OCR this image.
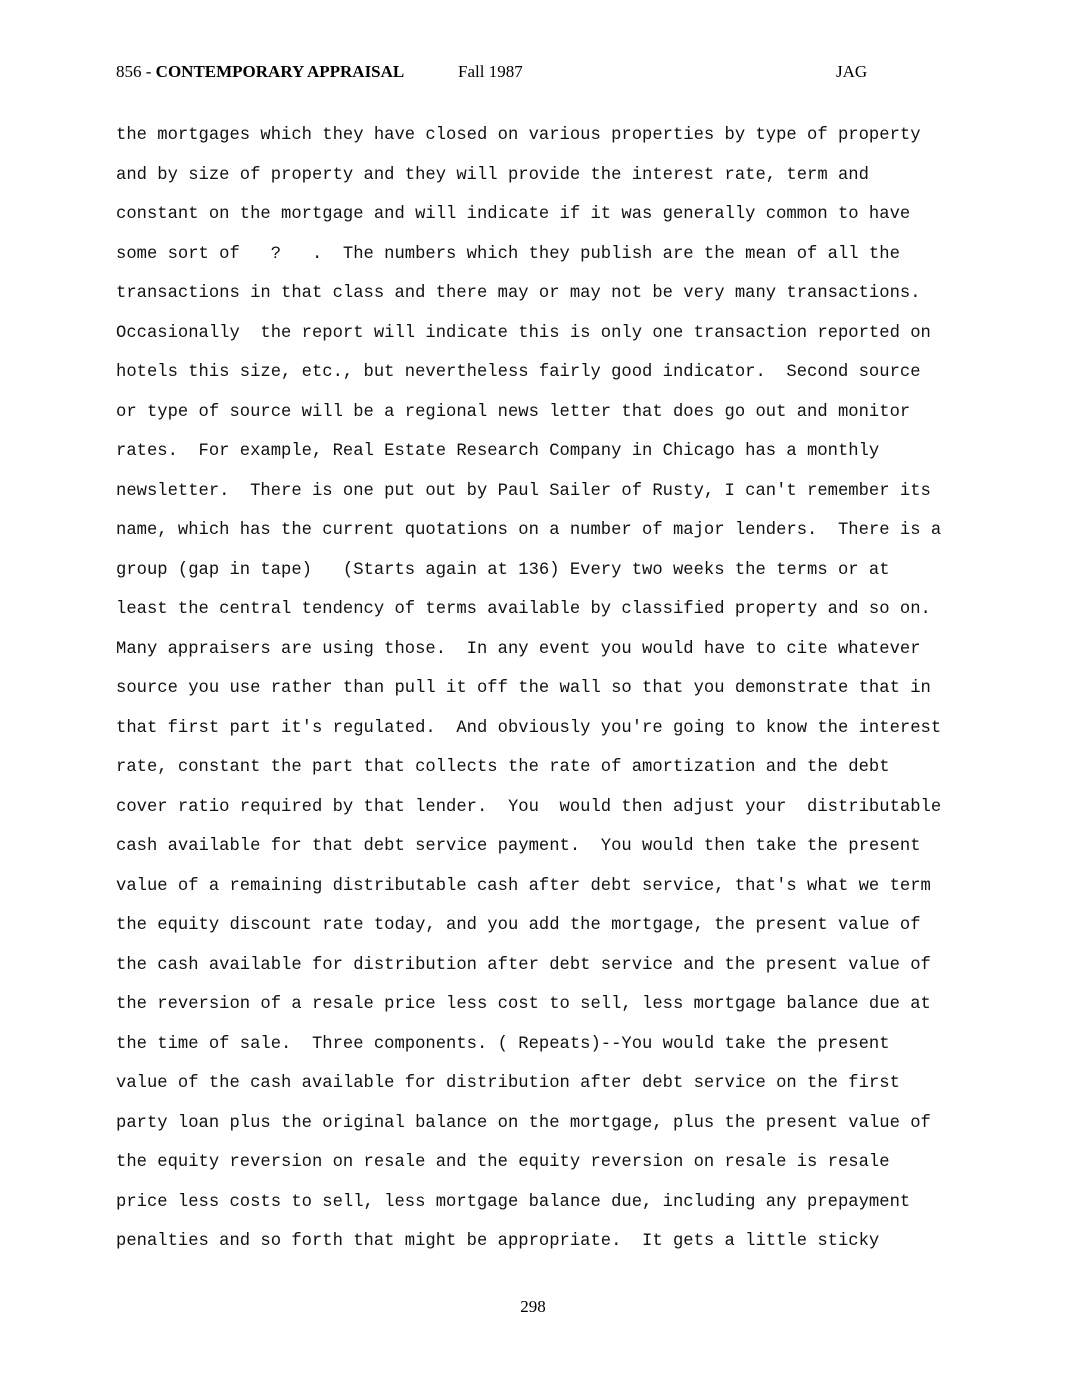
856 - CONTEMPORARY APPRAISAL	Fall 1987	JAG
the mortgages which they have closed on various properties by type of property
and by size of property and they will provide the interest rate, term and
constant on the mortgage and will indicate if it was generally common to have
some sort of   ?   .  The numbers which they publish are the mean of all the
transactions in that class and there may or may not be very many transactions.
Occasionally  the report will indicate this is only one transaction reported on
hotels this size, etc., but nevertheless fairly good indicator.  Second source
or type of source will be a regional news letter that does go out and monitor
rates.  For example, Real Estate Research Company in Chicago has a monthly
newsletter.  There is one put out by Paul Sailer of Rusty, I can't remember its
name, which has the current quotations on a number of major lenders.  There is a
group (gap in tape)   (Starts again at 136) Every two weeks the terms or at
least the central tendency of terms available by classified property and so on.
Many appraisers are using those.  In any event you would have to cite whatever
source you use rather than pull it off the wall so that you demonstrate that in
that first part it's regulated.  And obviously you're going to know the interest
rate, constant the part that collects the rate of amortization and the debt
cover ratio required by that lender.  You  would then adjust your  distributable
cash available for that debt service payment.  You would then take the present
value of a remaining distributable cash after debt service, that's what we term
the equity discount rate today, and you add the mortgage, the present value of
the cash available for distribution after debt service and the present value of
the reversion of a resale price less cost to sell, less mortgage balance due at
the time of sale.  Three components. ( Repeats)--You would take the present
value of the cash available for distribution after debt service on the first
party loan plus the original balance on the mortgage, plus the present value of
the equity reversion on resale and the equity reversion on resale is resale
price less costs to sell, less mortgage balance due, including any prepayment
penalties and so forth that might be appropriate.  It gets a little sticky
298
